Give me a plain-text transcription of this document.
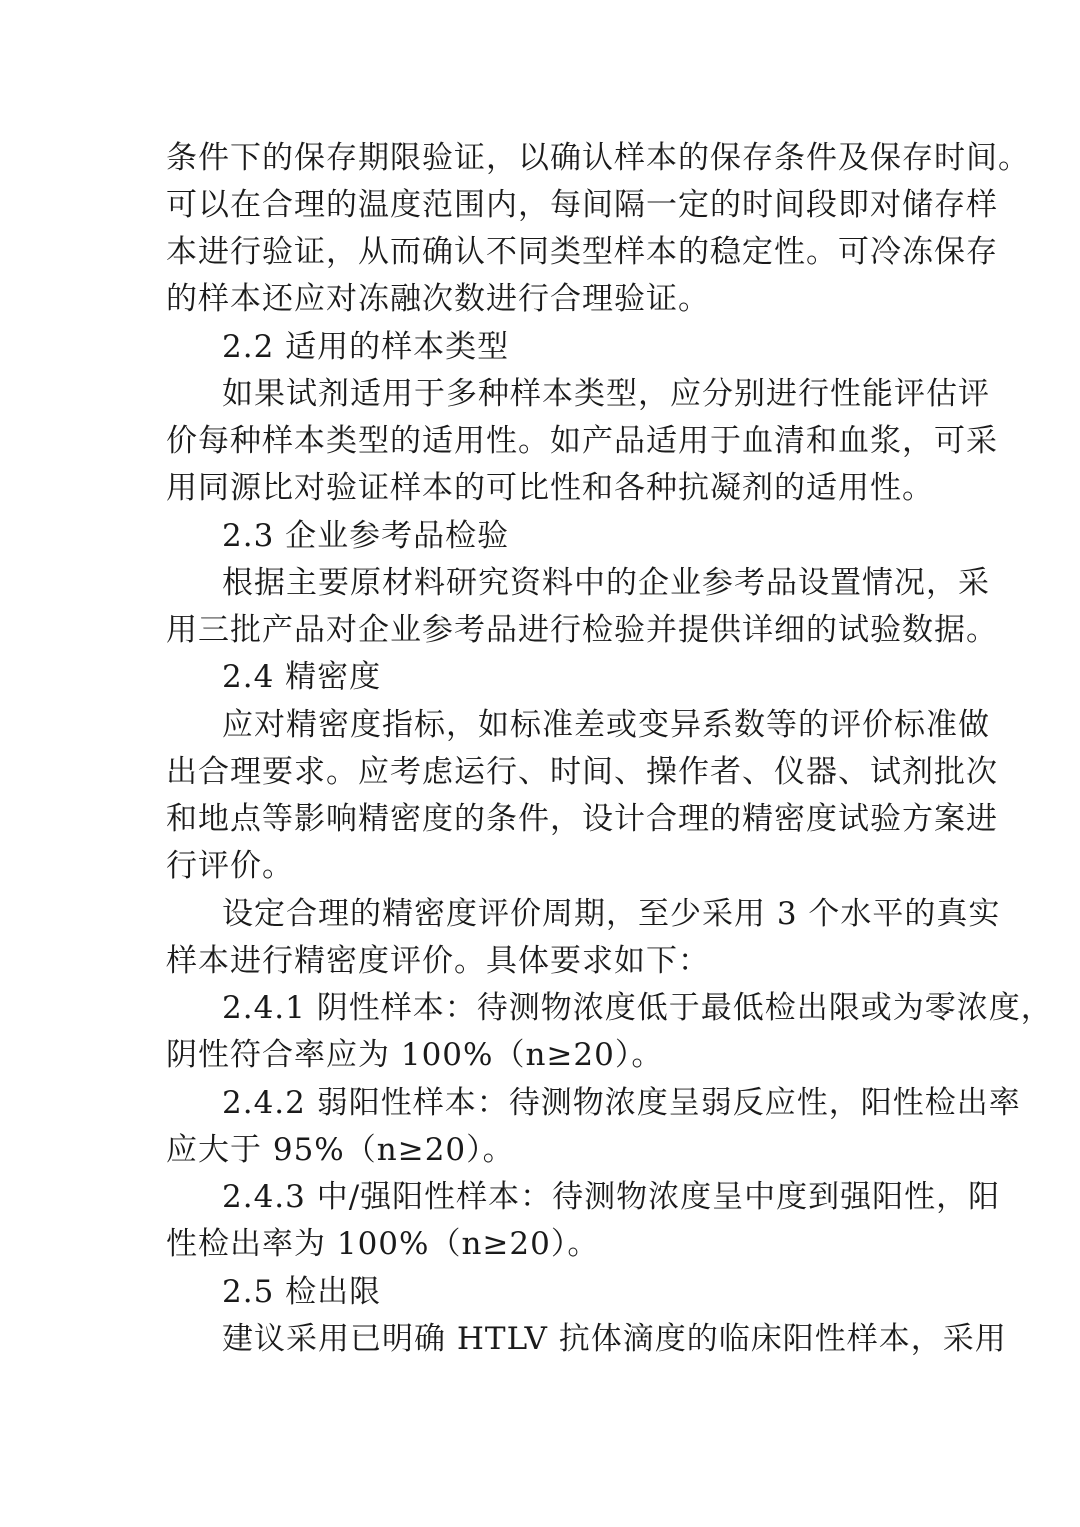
条件下的保存期限验证，以确认样本的保存条件及保存时间。
可以在合理的温度范围内，每间隔一定的时间段即对储存样
本进行验证，从而确认不同类型样本的稳定性。可冷冻保存
的样本还应对冻融次数进行合理验证。
2.2 适用的样本类型
如果试剂适用于多种样本类型，应分别进行性能评估评
价每种样本类型的适用性。如产品适用于血清和血浆，可采
用同源比对验证样本的可比性和各种抗凝剂的适用性。
2.3 企业参考品检验
根据主要原材料研究资料中的企业参考品设置情况，采
用三批产品对企业参考品进行检验并提供详细的试验数据。
2.4 精密度
应对精密度指标，如标准差或变异系数等的评价标准做
出合理要求。应考虑运行、时间、操作者、仪器、试剂批次
和地点等影响精密度的条件，设计合理的精密度试验方案进
行评价。
设定合理的精密度评价周期，至少采用 3 个水平的真实
样本进行精密度评价。具体要求如下：
2.4.1 阴性样本：待测物浓度低于最低检出限或为零浓度，
阴性符合率应为 100%（n≥20）。
2.4.2 弱阳性样本：待测物浓度呈弱反应性，阳性检出率
应大于 95%（n≥20）。
2.4.3 中/强阳性样本：待测物浓度呈中度到强阳性，阳
性检出率为 100%（n≥20）。
2.5 检出限
建议采用已明确 HTLV 抗体滴度的临床阳性样本，采用
